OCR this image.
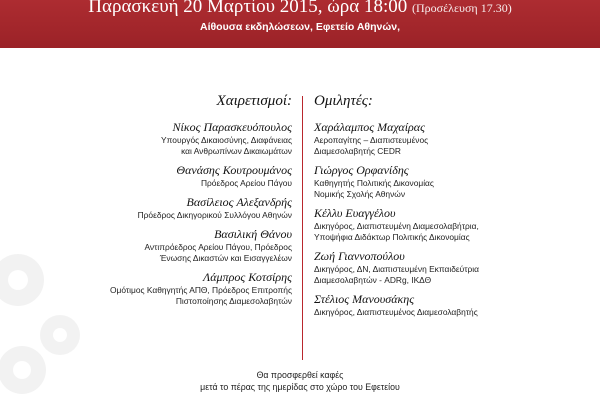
Παρασκευή 20 Μαρτίου 2015, ώρα 18:00 (Προσέλευση 17.30)
Αίθουσα εκδηλώσεων, Εφετείο Αθηνών,
Χαιρετισμοί:
Νίκος Παρασκευόπουλος
Υπουργός Δικαιοσύνης, Διαφάνειας
και Ανθρωπίνων Δικαιωμάτων
Θανάσης Κουτρουμάνος
Πρόεδρος Αρείου Πάγου
Βασίλειος Αλεξανδρής
Πρόεδρος Δικηγορικού Συλλόγου Αθηνών
Βασιλική Θάνου
Αντιπρόεδρος Αρείου Πάγου, Πρόεδρος
Ένωσης Δικαστών και Εισαγγελέων
Λάμπρος Κοτσίρης
Ομότιμος Καθηγητής ΑΠΘ, Πρόεδρος Επιτροπής
Πιστοποίησης Διαμεσολαβητών
Ομιλητές:
Χαράλαμπος Μαχαίρας
Αεροπαγίτης – Διαπιστευμένος
Διαμεσολαβητής CEDR
Γιώργος Ορφανίδης
Καθηγητής Πολιτικής Δικονομίας
Νομικής Σχολής Αθηνών
Κέλλυ Ευαγγέλου
Δικηγόρος, Διαπιστευμένη Διαμεσολαβήτρια,
Υποψήφια Διδάκτωρ Πολιτικής Δικονομίας
Ζωή Γιαννοπούλου
Δικηγόρος, ΔΝ, Διαπιστευμένη Εκπαιδεύτρια
Διαμεσολαβητών - ADRg, ΙΚΔΘ
Στέλιος Μανουσάκης
Δικηγόρος, Διαπιστευμένος Διαμεσολαβητής
Θα προσφερθεί καφές
μετά το πέρας της ημερίδας στο χώρο του Εφετείου
